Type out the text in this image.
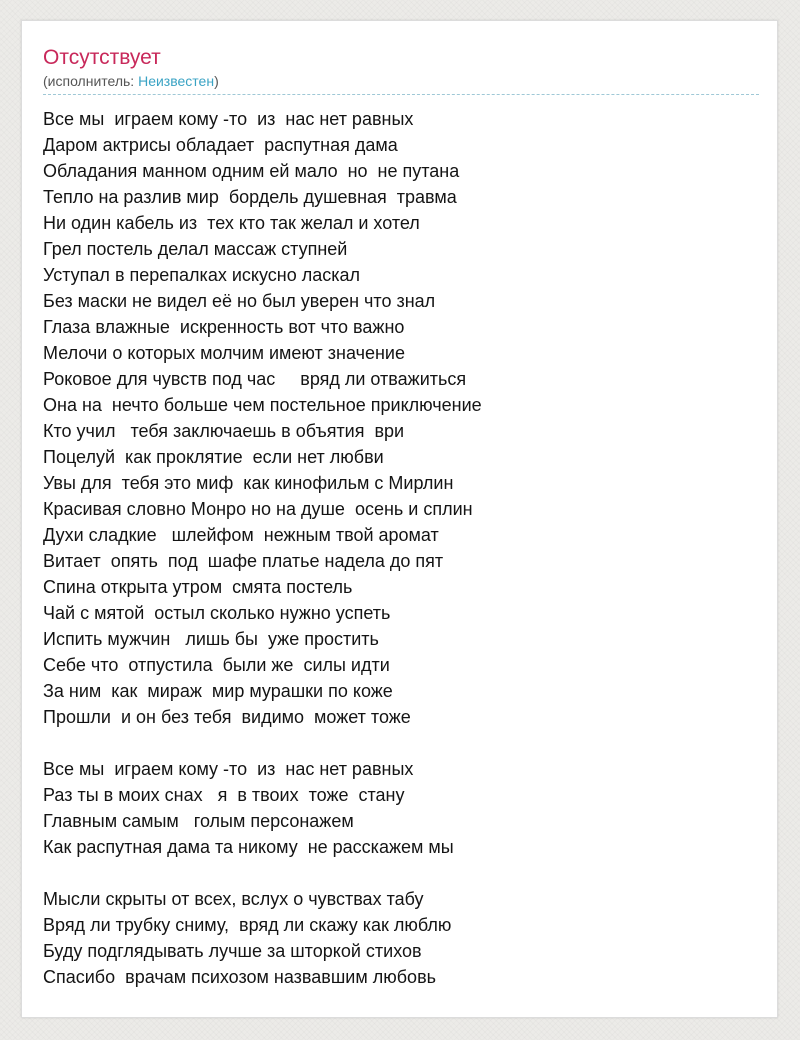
Отсутствует
(исполнитель: Неизвестен)
Все мы  играем кому -то  из  нас нет равных
Даром актрисы обладает  распутная дама
Обладания манном одним ей мало  но  не путана
Тепло на разлив мир  бордель душевная  травма
Ни один кабель из  тех кто так желал и хотел
Грел постель делал массаж ступней
Уступал в перепалках искусно ласкал
Без маски не видел её но был уверен что знал
Глаза влажные  искренность вот что важно
Мелочи о которых молчим имеют значение
Роковое для чувств под час     вряд ли отважиться
Она на  нечто больше чем постельное приключение
Кто учил   тебя заключаешь в объятия  ври
Поцелуй  как проклятие  если нет любви
Увы для  тебя это миф  как кинофильм с Мирлин
Красивая словно Монро но на душе  осень и сплин
Духи сладкие   шлейфом  нежным твой аромат
Витает  опять  под  шафе платье надела до пят
Спина открыта утром  смята постель
Чай с мятой  остыл сколько нужно успеть
Испить мужчин   лишь бы  уже простить
Себе что  отпустила  были же  силы идти
За ним  как  мираж  мир мурашки по коже
Прошли  и он без тебя  видимо  может тоже
Все мы  играем кому -то  из  нас нет равных
Раз ты в моих снах   я  в твоих  тоже  стану
Главным самым   голым персонажем
Как распутная дама та никому  не расскажем мы
Мысли скрыты от всех, вслух о чувствах табу
Вряд ли трубку сниму,  вряд ли скажу как люблю
Буду подглядывать лучше за шторкой стихов
Спасибо  врачам психозом назвавшим любовь
